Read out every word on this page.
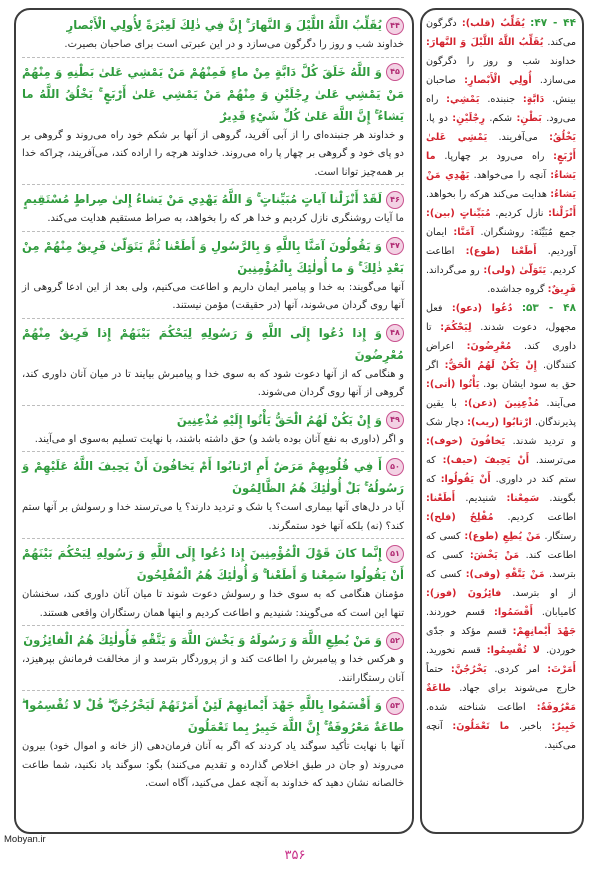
۴۴يُقَلِّبُ اللَّهُ اللَّيْلَ وَ النَّهارَ ۚ إِنَّ فِي ذٰلِكَ لَعِبْرَةً لِأُولِي الْأَبْصارِ
خداوند شب و روز را دگرگون می‌سازد و در این عبرتی است برای صاحبان بصیرت.
۴۵وَ اللَّهُ خَلَقَ كُلَّ دَابَّةٍ مِنْ ماءٍ فَمِنْهُمْ مَنْ يَمْشِي عَلىٰ بَطْنِهِ وَ مِنْهُمْ مَنْ يَمْشِي عَلىٰ رِجْلَيْنِ وَ مِنْهُمْ مَنْ يَمْشِي عَلىٰ أَرْبَعٍ ۚ يَخْلُقُ اللَّهُ ما يَشاءُ ۚ إِنَّ اللَّهَ عَلىٰ كُلِّ شَيْءٍ قَدِيرٌ
و خداوند هر جنبنده‌ای را از آبی آفرید، گروهی از آنها بر شکم خود راه می‌روند و گروهی بر دو پای خود و گروهی بر چهار پا راه می‌روند. خداوند هرچه را اراده کند، می‌آفریند، چراکه خدا بر همه‌چیز توانا است.
۴۶لَقَدْ أَنْزَلْنا آياتٍ مُبَيِّناتٍ ۚ وَ اللَّهُ يَهْدِي مَنْ يَشاءُ إِلىٰ صِراطٍ مُسْتَقِيمٍ
ما آیات روشنگری نازل کردیم و خدا هر که را بخواهد، به صراط مستقیم هدایت می‌کند.
۴۷وَ يَقُولُونَ آمَنَّا بِاللَّهِ وَ بِالرَّسُولِ وَ أَطَعْنا ثُمَّ يَتَوَلّىٰ فَرِيقٌ مِنْهُمْ مِنْ بَعْدِ ذٰلِكَ ۚ وَ ما أُولٰئِكَ بِالْمُؤْمِنِينَ
آنها می‌گویند: به خدا و پیامبر ایمان داریم و اطاعت می‌کنیم، ولی بعد از این ادعا گروهی از آنها روی گردان می‌شوند، آنها (در حقیقت) مؤمن نیستند.
۴۸وَ إِذا دُعُوا إِلَى اللَّهِ وَ رَسُولِهِ لِيَحْكُمَ بَيْنَهُمْ إِذا فَرِيقٌ مِنْهُمْ مُعْرِضُونَ
و هنگامی که از آنها دعوت شود که به سوی خدا و پیامبرش بیایند تا در میان آنان داوری کند، گروهی از آنها روی گردان می‌شوند.
۴۹وَ إِنْ يَكُنْ لَهُمُ الْحَقُّ يَأْتُوا إِلَيْهِ مُذْعِنِينَ
و اگر (داوری به نفع آنان بوده باشد و) حق داشته باشند، با نهایت تسلیم به‌سوی او می‌آیند.
۵۰أَ فِي قُلُوبِهِمْ مَرَضٌ أَمِ ارْتابُوا أَمْ يَخافُونَ أَنْ يَحِيفَ اللَّهُ عَلَيْهِمْ وَ رَسُولُهُ ۚ بَلْ أُولٰئِكَ هُمُ الظَّالِمُونَ
آیا در دل‌های آنها بیماری است؟ یا شک و تردید دارند؟ یا می‌ترسند خدا و رسولش بر آنها ستم کند؟ (نه) بلکه آنها خود ستمگرند.
۵۱إِنَّما كانَ قَوْلَ الْمُؤْمِنِينَ إِذا دُعُوا إِلَى اللَّهِ وَ رَسُولِهِ لِيَحْكُمَ بَيْنَهُمْ أَنْ يَقُولُوا سَمِعْنا وَ أَطَعْنا ۚ وَ أُولٰئِكَ هُمُ الْمُفْلِحُونَ
مؤمنان هنگامی که به سوی خدا و رسولش دعوت شوند تا میان آنان داوری کند، سخنشان تنها این است که می‌گویند: شنیدیم و اطاعت کردیم و اینها همان رستگاران واقعی هستند.
۵۲وَ مَنْ يُطِعِ اللَّهَ وَ رَسُولَهُ وَ يَخْشَ اللَّهَ وَ يَتَّقْهِ فَأُولٰئِكَ هُمُ الْفائِزُونَ
و هرکس خدا و پیامبرش را اطاعت کند و از پروردگار بترسد و از مخالفت فرمانش بپرهیزد، آنان رستگارانند.
۵۳وَ أَقْسَمُوا بِاللَّهِ جَهْدَ أَيْمانِهِمْ لَئِنْ أَمَرْتَهُمْ لَيَخْرُجُنَّ ۖ قُلْ لا تُقْسِمُوا ۖ طاعَةٌ مَعْرُوفَةٌ ۚ إِنَّ اللَّهَ خَبِيرٌ بِما تَعْمَلُونَ
آنها با نهایت تأکید سوگند یاد کردند که اگر به آنان فرمان‌دهی (از خانه و اموال خود) بیرون می‌روند (و جان در طبق اخلاص گذارده و تقدیم می‌کنند) بگو: سوگند یاد نکنید، شما طاعت خالصانه نشان دهید که خداوند به آنچه عمل می‌کنید، آگاه است.
۴۴ - ۴۷: يُقَلِّبُ (قلب): دگرگون می‌کند. يُقَلِّبُ اللَّهُ اللَّيْلَ وَ النَّهارَ: خداوند شب و روز را دگرگون می‌سازد. أُولِي الْأَبْصارِ: صاحبان بینش. دَابَّةٍ: جنبنده. يَمْشِي: راه می‌رود. بَطْنِ: شکم. رِجْلَيْنِ: دو پا. يَخْلُقُ: می‌آفریند. يَمْشِي عَلىٰ أَرْبَعٍ: راه می‌رود بر چهارپا. ما يَشاءُ: آنچه را می‌خواهد. يَهْدِي مَنْ يَشاءُ: هدایت می‌کند هرکه را بخواهد. أَنْزَلْنا: نازل کردیم. مُبَيِّناتٍ (بين): جمع مُبَيِّنَة: روشنگران. آمَنَّا: ایمان آوردیم. أَطَعْنا (طوع): اطاعت کردیم. يَتَوَلّىٰ (ولی): رو می‌گرداند. فَرِيقٌ: گروه جداشده.
۴۸ - ۵۳: دُعُوا (دعو): فعل مجهول، دعوت شدند. لِيَحْكُمَ: تا داوری کند. مُعْرِضُونَ: اعراض کنندگان. إِنْ يَكُنْ لَهُمُ الْحَقُّ: اگر حق به سود ایشان بود. يَأْتُوا (أتی): می‌آیند. مُذْعِنِينَ (ذعن): با یقین پذیرندگان. ارْتابُوا (ريب): دچار شک و تردید شدند. يَخافُونَ (خوف): می‌ترسند. أَنْ يَحِيفَ (حيف): که ستم کند در داوری. أَنْ يَقُولُوا: که بگویند. سَمِعْنا: شنیدیم. أَطَعْنا: اطاعت کردیم. مُفْلِحُ (فلح): رستگار. مَنْ يُطِعِ (طوع): کسی که اطاعت کند. مَنْ يَخْشَ: کسی که بترسد. مَنْ يَتَّقْهِ (وقی): کسی که از او بترسد. فائِزُونَ (فوز): کامیابان. أَقْسَمُوا: قسم خوردند. جَهْدَ أَيْمانِهِمْ: قسم مؤکد و جدّی خوردن. لا تُقْسِمُوا: قسم نخورید. أَمَرْتَ: امر کردی. يَخْرُجُنَّ: حتماً خارج می‌شوند برای جهاد. طاعَةٌ مَعْرُوفَةٌ: اطاعت شناخته شده. خَبِيرٌ: باخبر. ما تَعْمَلُونَ: آنچه می‌کنید.
Mobyan.ir
۳۵۶
